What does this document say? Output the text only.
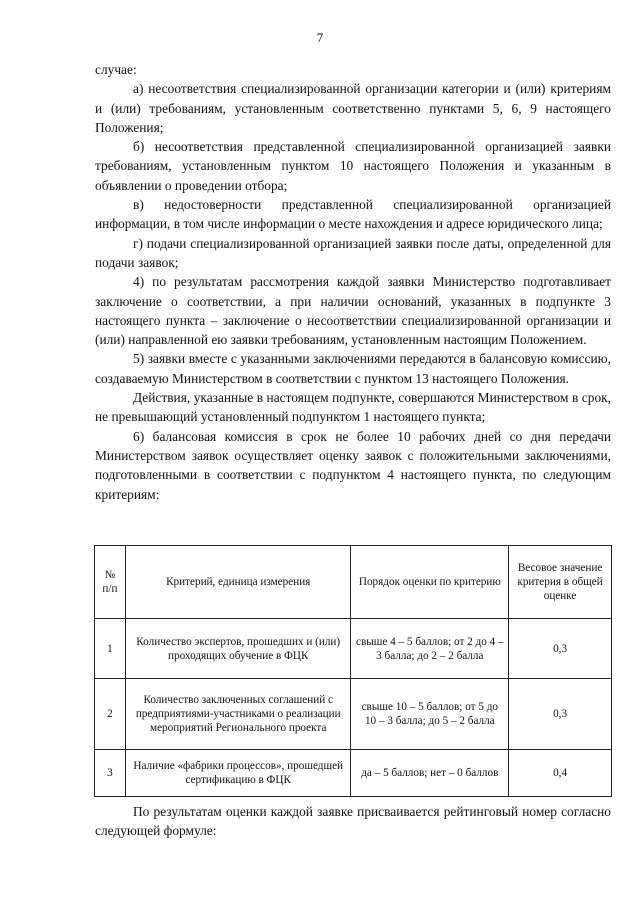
7

случае:

а) несоответствия специализированной организации категории и (или) критериям и (или) требованиям, установленным соответственно пунктами 5, 6, 9 настоящего Положения;

б) несоответствия представленной специализированной организацией заявки требованиям, установленным пунктом 10 настоящего Положения и указанным в объявлении о проведении отбора;

в) недостоверности представленной специализированной организацией информации, в том числе информации о месте нахождения и адресе юридического лица;

г) подачи специализированной организацией заявки после даты, определенной для подачи заявок;

4) по результатам рассмотрения каждой заявки Министерство подготавливает заключение о соответствии, а при наличии оснований, указанных в подпункте 3 настоящего пункта – заключение о несоответствии специализированной организации и (или) направленной ею заявки требованиям, установленным настоящим Положением.

5) заявки вместе с указанными заключениями передаются в балансовую комиссию, создаваемую Министерством в соответствии с пунктом 13 настоящего Положения.

Действия, указанные в настоящем подпункте, совершаются Министерством в срок, не превышающий установленный подпунктом 1 настоящего пункта;

6) балансовая комиссия в срок не более 10 рабочих дней со дня передачи Министерством заявок осуществляет оценку заявок с положительными заключениями, подготовленными в соответствии с подпунктом 4 настоящего пункта, по следующим критериям:

№ п/п	Критерий, единица измерения	Порядок оценки по критерию	Весовое значение критерия в общей оценке
1	Количество экспертов, прошедших и (или) проходящих обучение в ФЦК	свыше 4 – 5 баллов; от 2 до 4 – 3 балла; до 2 – 2 балла	0,3
2	Количество заключенных соглашений с предприятиями-участниками о реализации мероприятий Регионального проекта	свыше 10 – 5 баллов; от 5 до 10 – 3 балла; до 5 – 2 балла	0,3
3	Наличие «фабрики процессов», прошедшей сертификацию в ФЦК	да – 5 баллов; нет – 0 баллов	0,4

По результатам оценки каждой заявке присваивается рейтинговый номер согласно следующей формуле:
